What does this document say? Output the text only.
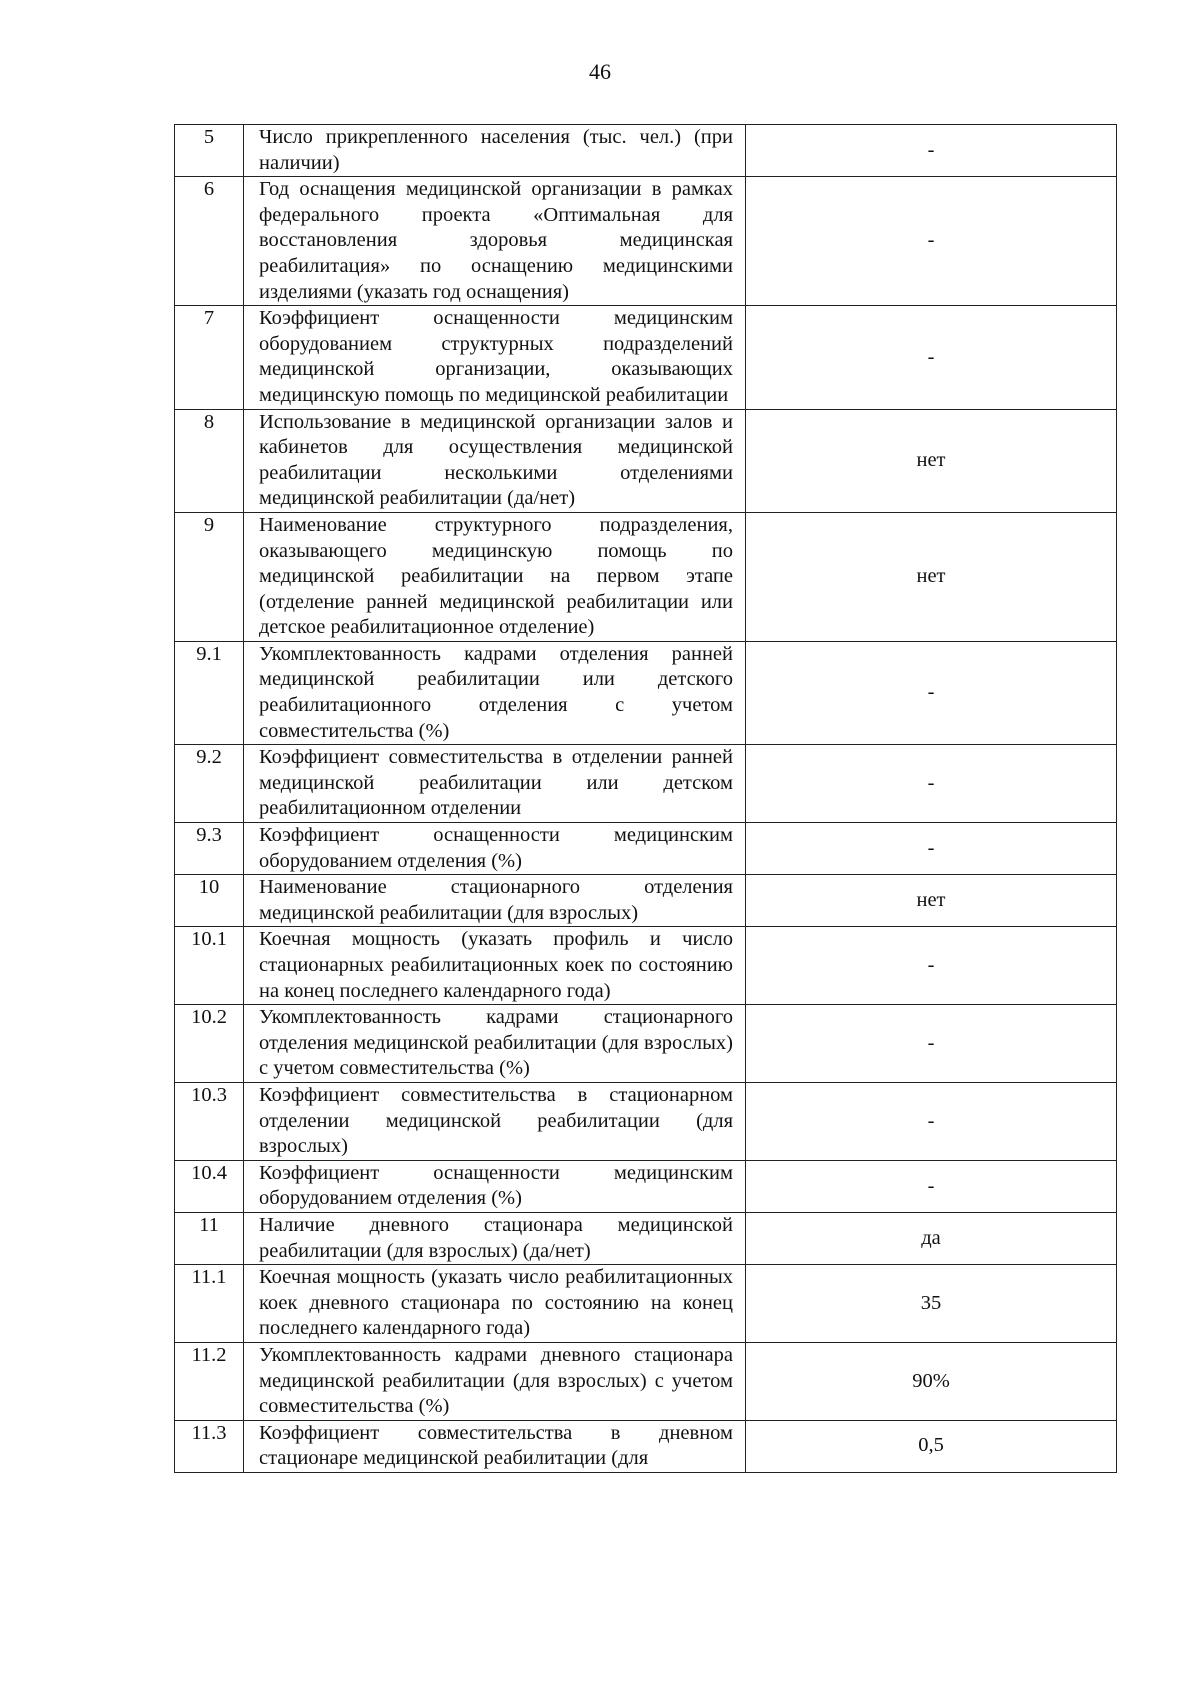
46
5	Число прикрепленного населения (тыс. чел.) (при наличии)	-
6	Год оснащения медицинской организации в рамках федерального проекта «Оптимальная для восстановления здоровья медицинская реабилитация» по оснащению медицинскими изделиями (указать год оснащения)	-
7	Коэффициент оснащенности медицинским оборудованием структурных подразделений медицинской организации, оказывающих медицинскую помощь по медицинской реабилитации	-
8	Использование в медицинской организации залов и кабинетов для осуществления медицинской реабилитации несколькими отделениями медицинской реабилитации (да/нет)	нет
9	Наименование структурного подразделения, оказывающего медицинскую помощь по медицинской реабилитации на первом этапе (отделение ранней медицинской реабилитации или детское реабилитационное отделение)	нет
9.1	Укомплектованность кадрами отделения ранней медицинской реабилитации или детского реабилитационного отделения с учетом совместительства (%)	-
9.2	Коэффициент совместительства в отделении ранней медицинской реабилитации или детском реабилитационном отделении	-
9.3	Коэффициент оснащенности медицинским оборудованием отделения (%)	-
10	Наименование стационарного отделения медицинской реабилитации (для взрослых)	нет
10.1	Коечная мощность (указать профиль и число стационарных реабилитационных коек по состоянию на конец последнего календарного года)	-
10.2	Укомплектованность кадрами стационарного отделения медицинской реабилитации (для взрослых) с учетом совместительства (%)	-
10.3	Коэффициент совместительства в стационарном отделении медицинской реабилитации (для взрослых)	-
10.4	Коэффициент оснащенности медицинским оборудованием отделения (%)	-
11	Наличие дневного стационара медицинской реабилитации (для взрослых) (да/нет)	да
11.1	Коечная мощность (указать число реабилитационных коек дневного стационара по состоянию на конец последнего календарного года)	35
11.2	Укомплектованность кадрами дневного стационара медицинской реабилитации (для взрослых) с учетом совместительства (%)	90%
11.3	Коэффициент совместительства в дневном стационаре медицинской реабилитации (для	0,5
